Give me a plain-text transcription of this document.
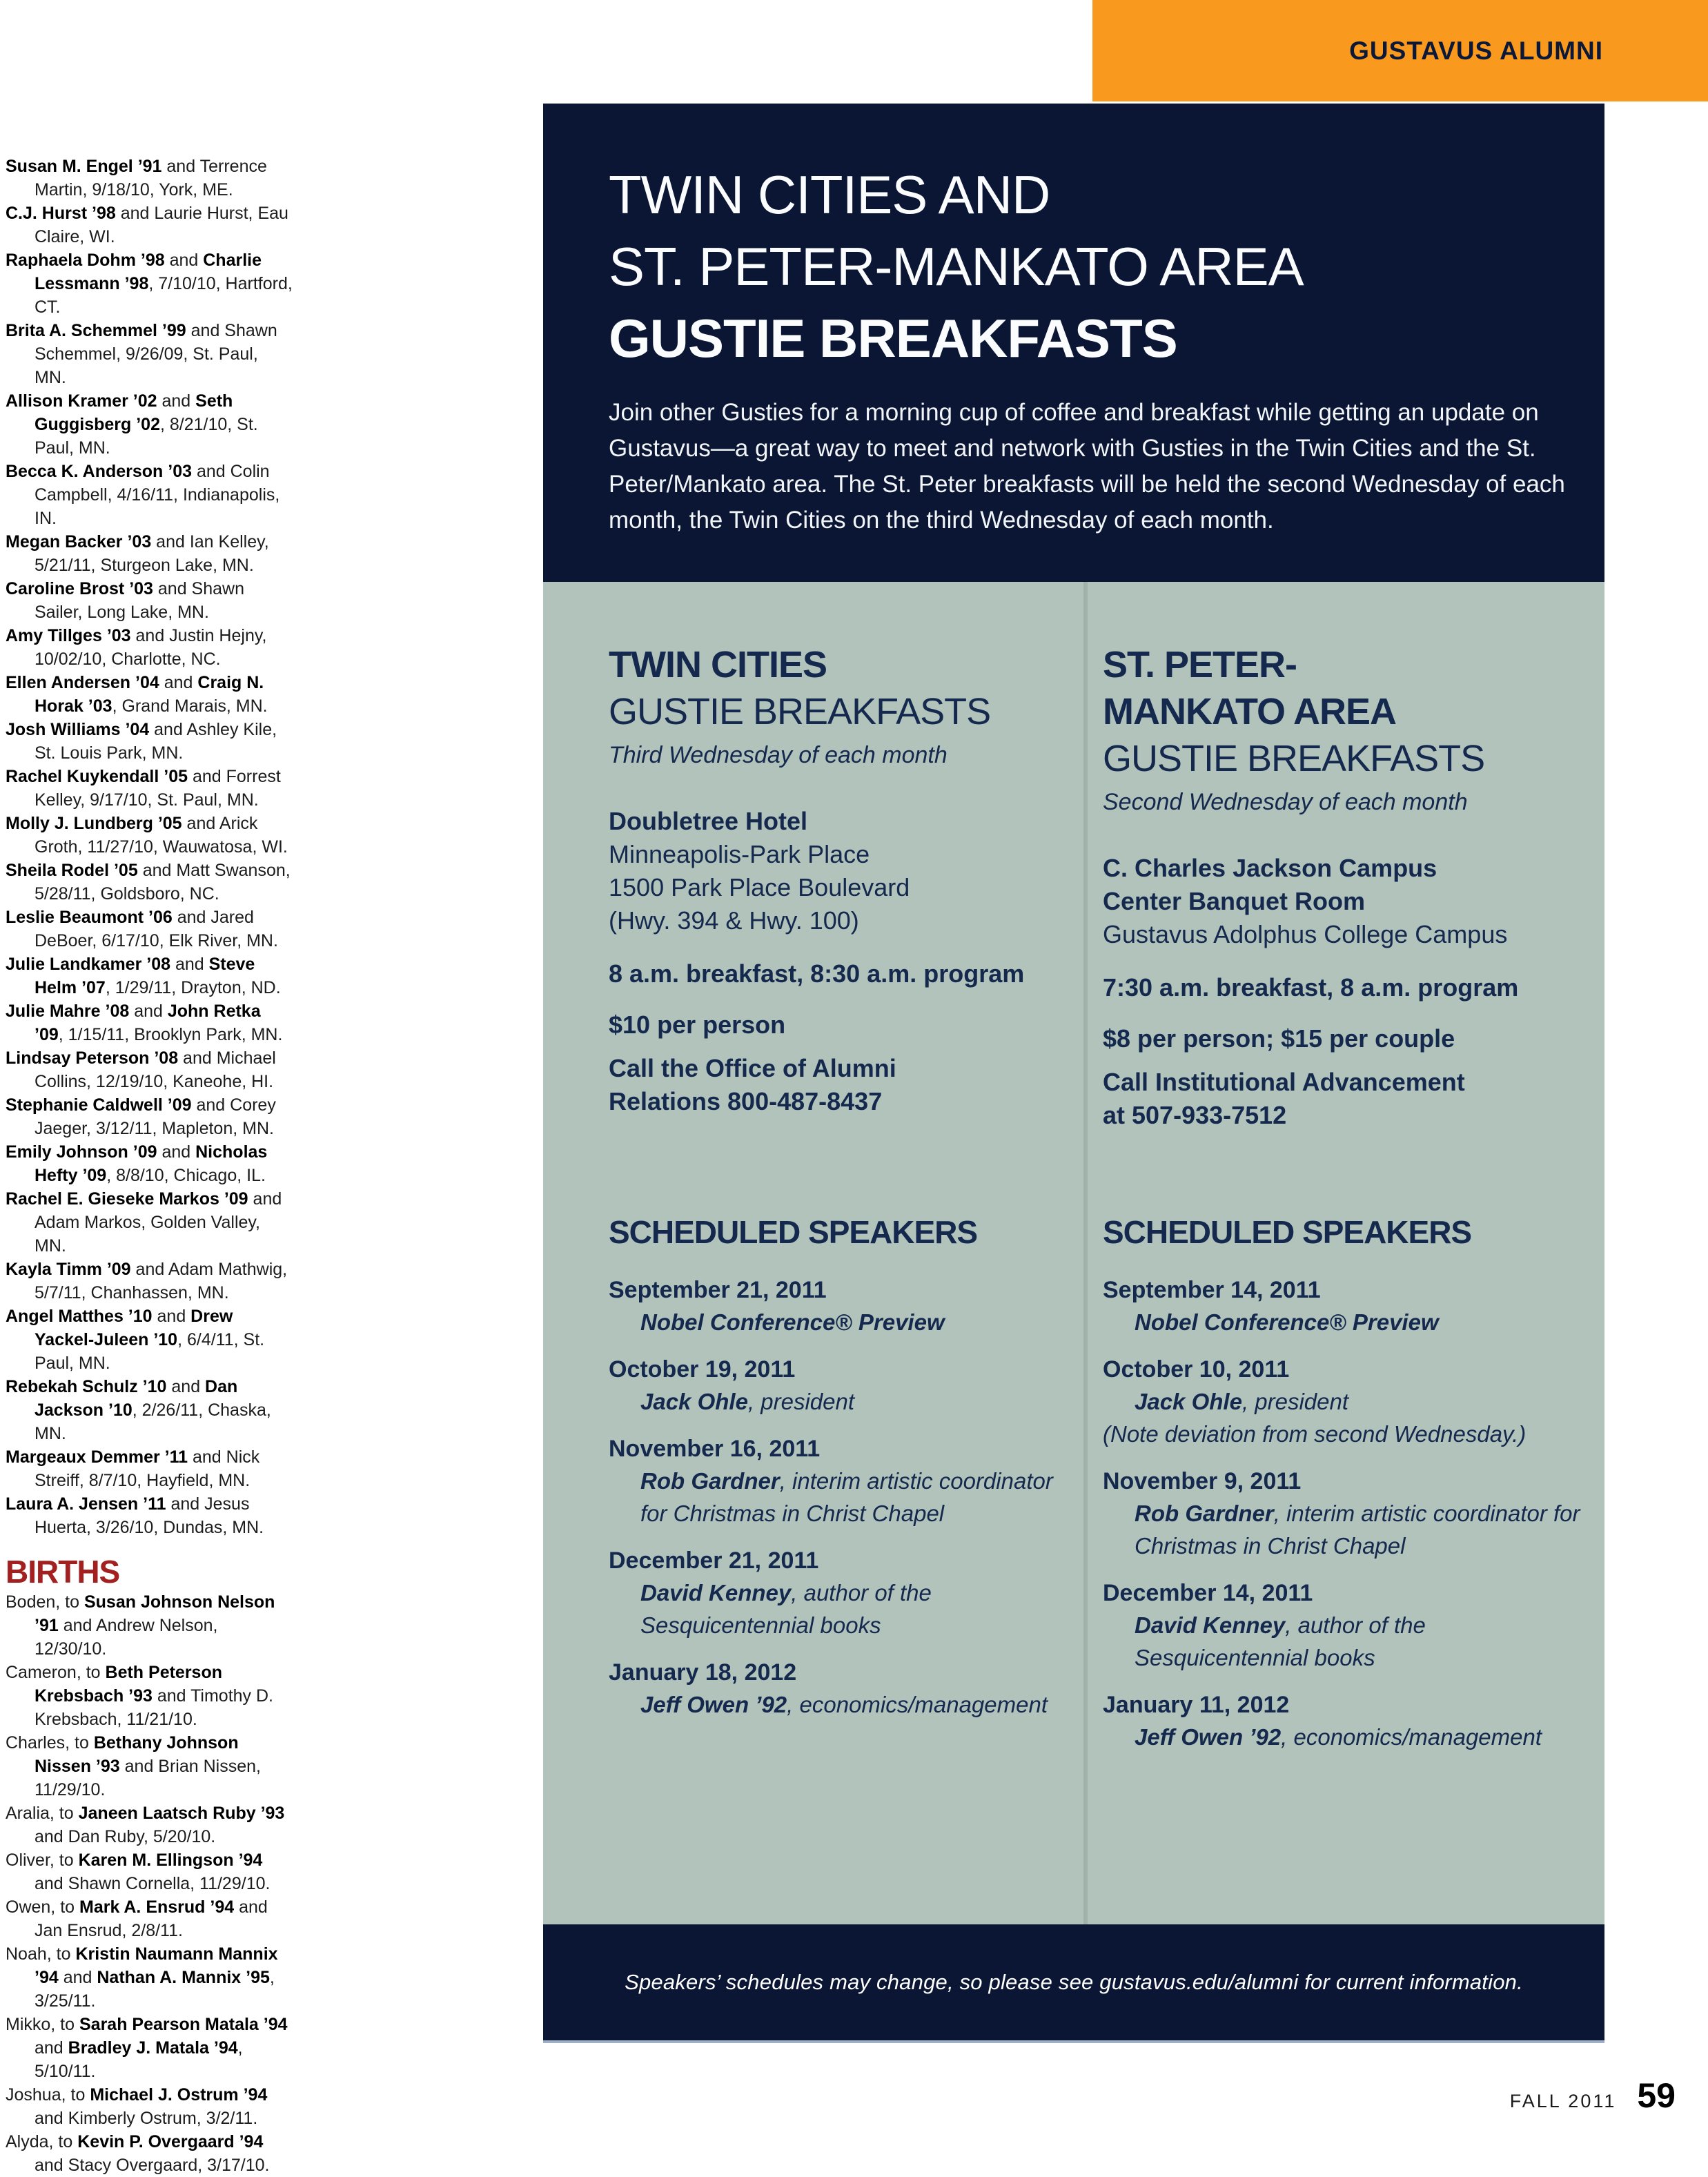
GUSTAVUS ALUMNI
Susan M. Engel ’91 and Terrence Martin, 9/18/10, York, ME.
C.J. Hurst ’98 and Laurie Hurst, Eau Claire, WI.
Raphaela Dohm ’98 and Charlie Lessmann ’98, 7/10/10, Hartford, CT.
Brita A. Schemmel ’99 and Shawn Schemmel, 9/26/09, St. Paul, MN.
Allison Kramer ’02 and Seth Guggisberg ’02, 8/21/10, St. Paul, MN.
Becca K. Anderson ’03 and Colin Campbell, 4/16/11, Indianapolis, IN.
Megan Backer ’03 and Ian Kelley, 5/21/11, Sturgeon Lake, MN.
Caroline Brost ’03 and Shawn Sailer, Long Lake, MN.
Amy Tillges ’03 and Justin Hejny, 10/02/10, Charlotte, NC.
Ellen Andersen ’04 and Craig N. Horak ’03, Grand Marais, MN.
Josh Williams ’04 and Ashley Kile, St. Louis Park, MN.
Rachel Kuykendall ’05 and Forrest Kelley, 9/17/10, St. Paul, MN.
Molly J. Lundberg ’05 and Arick Groth, 11/27/10, Wauwatosa, WI.
Sheila Rodel ’05 and Matt Swanson, 5/28/11, Goldsboro, NC.
Leslie Beaumont ’06 and Jared DeBoer, 6/17/10, Elk River, MN.
Julie Landkamer ’08 and Steve Helm ’07, 1/29/11, Drayton, ND.
Julie Mahre ’08 and John Retka ’09, 1/15/11, Brooklyn Park, MN.
Lindsay Peterson ’08 and Michael Collins, 12/19/10, Kaneohe, HI.
Stephanie Caldwell ’09 and Corey Jaeger, 3/12/11, Mapleton, MN.
Emily Johnson ’09 and Nicholas Hefty ’09, 8/8/10, Chicago, IL.
Rachel E. Gieseke Markos ’09 and Adam Markos, Golden Valley, MN.
Kayla Timm ’09 and Adam Mathwig, 5/7/11, Chanhassen, MN.
Angel Matthes ’10 and Drew Yackel-Juleen ’10, 6/4/11, St. Paul, MN.
Rebekah Schulz ’10 and Dan Jackson ’10, 2/26/11, Chaska, MN.
Margeaux Demmer ’11 and Nick Streiff, 8/7/10, Hayfield, MN.
Laura A. Jensen ’11 and Jesus Huerta, 3/26/10, Dundas, MN.
BIRTHS
Boden, to Susan Johnson Nelson ’91 and Andrew Nelson, 12/30/10.
Cameron, to Beth Peterson Krebsbach ’93 and Timothy D. Krebsbach, 11/21/10.
Charles, to Bethany Johnson Nissen ’93 and Brian Nissen, 11/29/10.
Aralia, to Janeen Laatsch Ruby ’93 and Dan Ruby, 5/20/10.
Oliver, to Karen M. Ellingson ’94 and Shawn Cornella, 11/29/10.
Owen, to Mark A. Ensrud ’94 and Jan Ensrud, 2/8/11.
Noah, to Kristin Naumann Mannix ’94 and Nathan A. Mannix ’95, 3/25/11.
Mikko, to Sarah Pearson Matala ’94 and Bradley J. Matala ’94, 5/10/11.
Joshua, to Michael J. Ostrum ’94 and Kimberly Ostrum, 3/2/11.
Alyda, to Kevin P. Overgaard ’94 and Stacy Overgaard, 3/17/10.
TWIN CITIES AND
ST. PETER-MANKATO AREA
GUSTIE BREAKFASTS
Join other Gusties for a morning cup of coffee and breakfast while getting an update on Gustavus—a great way to meet and network with Gusties in the Twin Cities and the St. Peter/Mankato area. The St. Peter breakfasts will be held the second Wednesday of each month, the Twin Cities on the third Wednesday of each month.
TWIN CITIES
GUSTIE BREAKFASTS
Third Wednesday of each month
Doubletree Hotel
Minneapolis-Park Place
1500 Park Place Boulevard
(Hwy. 394 & Hwy. 100)
8 a.m. breakfast, 8:30 a.m. program
$10 per person
Call the Office of Alumni
Relations 800-487-8437
ST. PETER-
MANKATO AREA
GUSTIE BREAKFASTS
Second Wednesday of each month
C. Charles Jackson Campus
Center Banquet Room
Gustavus Adolphus College Campus
7:30 a.m. breakfast, 8 a.m. program
$8 per person; $15 per couple
Call Institutional Advancement
at 507-933-7512
SCHEDULED SPEAKERS
September 21, 2011
Nobel Conference® Preview
October 19, 2011
Jack Ohle, president
November 16, 2011
Rob Gardner, interim artistic coordinator for Christmas in Christ Chapel
December 21, 2011
David Kenney, author of the Sesquicentennial books
January 18, 2012
Jeff Owen ’92, economics/management
SCHEDULED SPEAKERS
September 14, 2011
Nobel Conference® Preview
October 10, 2011
Jack Ohle, president
(Note deviation from second Wednesday.)
November 9, 2011
Rob Gardner, interim artistic coordinator for Christmas in Christ Chapel
December 14, 2011
David Kenney, author of the Sesquicentennial books
January 11, 2012
Jeff Owen ’92, economics/management
Speakers’ schedules may change, so please see gustavus.edu/alumni for current information.
FALL 2011 59
